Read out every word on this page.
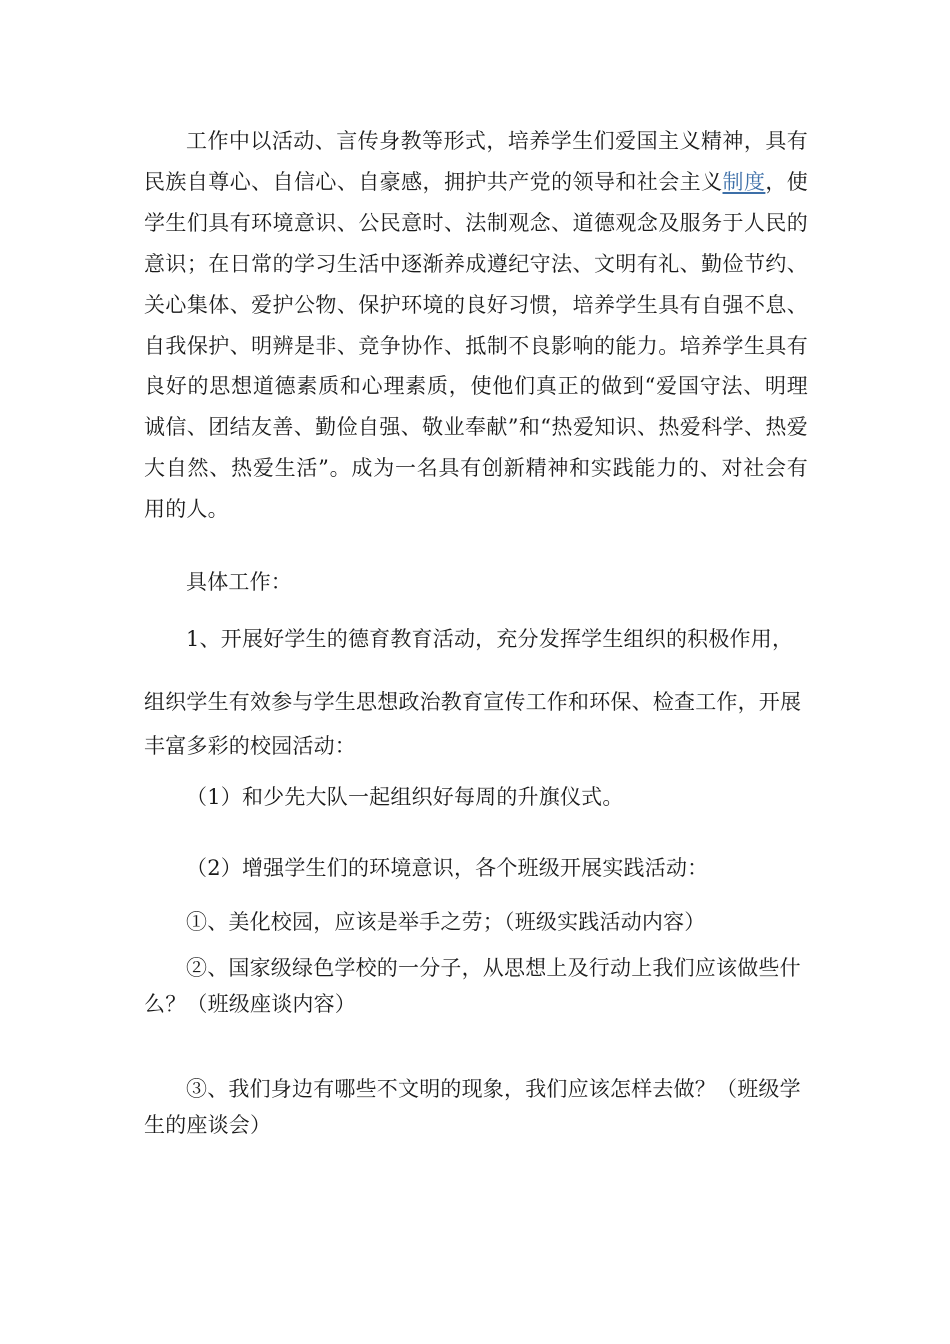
工作中以活动、言传身教等形式，培养学生们爱国主义精神，具有民族自尊心、自信心、自豪感，拥护共产党的领导和社会主义制度，使学生们具有环境意识、公民意时、法制观念、道德观念及服务于人民的意识；在日常的学习生活中逐渐养成遵纪守法、文明有礼、勤俭节约、关心集体、爱护公物、保护环境的良好习惯，培养学生具有自强不息、自我保护、明辨是非、竞争协作、抵制不良影响的能力。培养学生具有良好的思想道德素质和心理素质，使他们真正的做到“爱国守法、明理诚信、团结友善、勤俭自强、敬业奉献”和“热爱知识、热爱科学、热爱大自然、热爱生活”。成为一名具有创新精神和实践能力的、对社会有用的人。

具体工作：
1、开展好学生的德育教育活动，充分发挥学生组织的积极作用，

组织学生有效参与学生思想政治教育宣传工作和环保、检查工作，开展丰富多彩的校园活动：

（1）和少先大队一起组织好每周的升旗仪式。
（2）增强学生们的环境意识，各个班级开展实践活动：
①、美化校园，应该是举手之劳；（班级实践活动内容）

②、国家级绿色学校的一分子，从思想上及行动上我们应该做些什么？（班级座谈内容）

③、我们身边有哪些不文明的现象，我们应该怎样去做？（班级学生的座谈会）
